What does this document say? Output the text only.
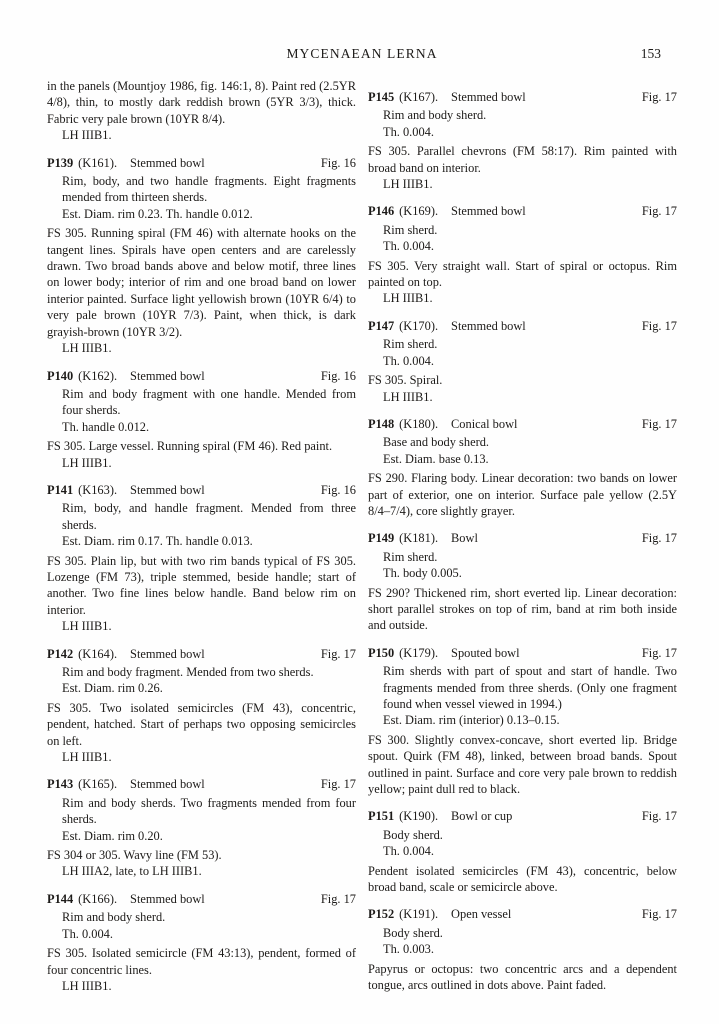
MYCENAEAN LERNA	153

in the panels (Mountjoy 1986, fig. 146:1, 8). Paint red (2.5YR 4/8), thin, to mostly dark reddish brown (5YR 3/3), thick. Fabric very pale brown (10YR 8/4).

LH IIIB1.

P139 (K161). Stemmed bowl	Fig. 16

Rim, body, and two handle fragments. Eight fragments mended from thirteen sherds.

Est. Diam. rim 0.23. Th. handle 0.012.

FS 305. Running spiral (FM 46) with alternate hooks on the tangent lines. Spirals have open centers and are carelessly drawn. Two broad bands above and below motif, three lines on lower body; interior of rim and one broad band on lower interior painted. Surface light yellowish brown (10YR 6/4) to very pale brown (10YR 7/3). Paint, when thick, is dark grayish-brown (10YR 3/2).

LH IIIB1.

P140 (K162). Stemmed bowl	Fig. 16

Rim and body fragment with one handle. Mended from four sherds.

Th. handle 0.012.

FS 305. Large vessel. Running spiral (FM 46). Red paint.

LH IIIB1.

P141 (K163). Stemmed bowl	Fig. 16

Rim, body, and handle fragment. Mended from three sherds.

Est. Diam. rim 0.17. Th. handle 0.013.

FS 305. Plain lip, but with two rim bands typical of FS 305. Lozenge (FM 73), triple stemmed, beside handle; start of another. Two fine lines below handle. Band below rim on interior.

LH IIIB1.

P142 (K164). Stemmed bowl	Fig. 17

Rim and body fragment. Mended from two sherds.

Est. Diam. rim 0.26.

FS 305. Two isolated semicircles (FM 43), concentric, pendent, hatched. Start of perhaps two opposing semicircles on left.

LH IIIB1.

P143 (K165). Stemmed bowl	Fig. 17

Rim and body sherds. Two fragments mended from four sherds.

Est. Diam. rim 0.20.

FS 304 or 305. Wavy line (FM 53).

LH IIIA2, late, to LH IIIB1.

P144 (K166). Stemmed bowl	Fig. 17

Rim and body sherd.

Th. 0.004.

FS 305. Isolated semicircle (FM 43:13), pendent, formed of four concentric lines.

LH IIIB1.

P145 (K167). Stemmed bowl	Fig. 17

Rim and body sherd.

Th. 0.004.

FS 305. Parallel chevrons (FM 58:17). Rim painted with broad band on interior.

LH IIIB1.

P146 (K169). Stemmed bowl	Fig. 17

Rim sherd.

Th. 0.004.

FS 305. Very straight wall. Start of spiral or octopus. Rim painted on top.

LH IIIB1.

P147 (K170). Stemmed bowl	Fig. 17

Rim sherd.

Th. 0.004.

FS 305. Spiral.

LH IIIB1.

P148 (K180). Conical bowl	Fig. 17

Base and body sherd.

Est. Diam. base 0.13.

FS 290. Flaring body. Linear decoration: two bands on lower part of exterior, one on interior. Surface pale yellow (2.5Y 8/4–7/4), core slightly grayer.

P149 (K181). Bowl	Fig. 17

Rim sherd.

Th. body 0.005.

FS 290? Thickened rim, short everted lip. Linear decoration: short parallel strokes on top of rim, band at rim both inside and outside.

P150 (K179). Spouted bowl	Fig. 17

Rim sherds with part of spout and start of handle. Two fragments mended from three sherds. (Only one fragment found when vessel viewed in 1994.)

Est. Diam. rim (interior) 0.13–0.15.

FS 300. Slightly convex-concave, short everted lip. Bridge spout. Quirk (FM 48), linked, between broad bands. Spout outlined in paint. Surface and core very pale brown to reddish yellow; paint dull red to black.

P151 (K190). Bowl or cup	Fig. 17

Body sherd.

Th. 0.004.

Pendent isolated semicircles (FM 43), concentric, below broad band, scale or semicircle above.

P152 (K191). Open vessel	Fig. 17

Body sherd.

Th. 0.003.

Papyrus or octopus: two concentric arcs and a dependent tongue, arcs outlined in dots above. Paint faded.
